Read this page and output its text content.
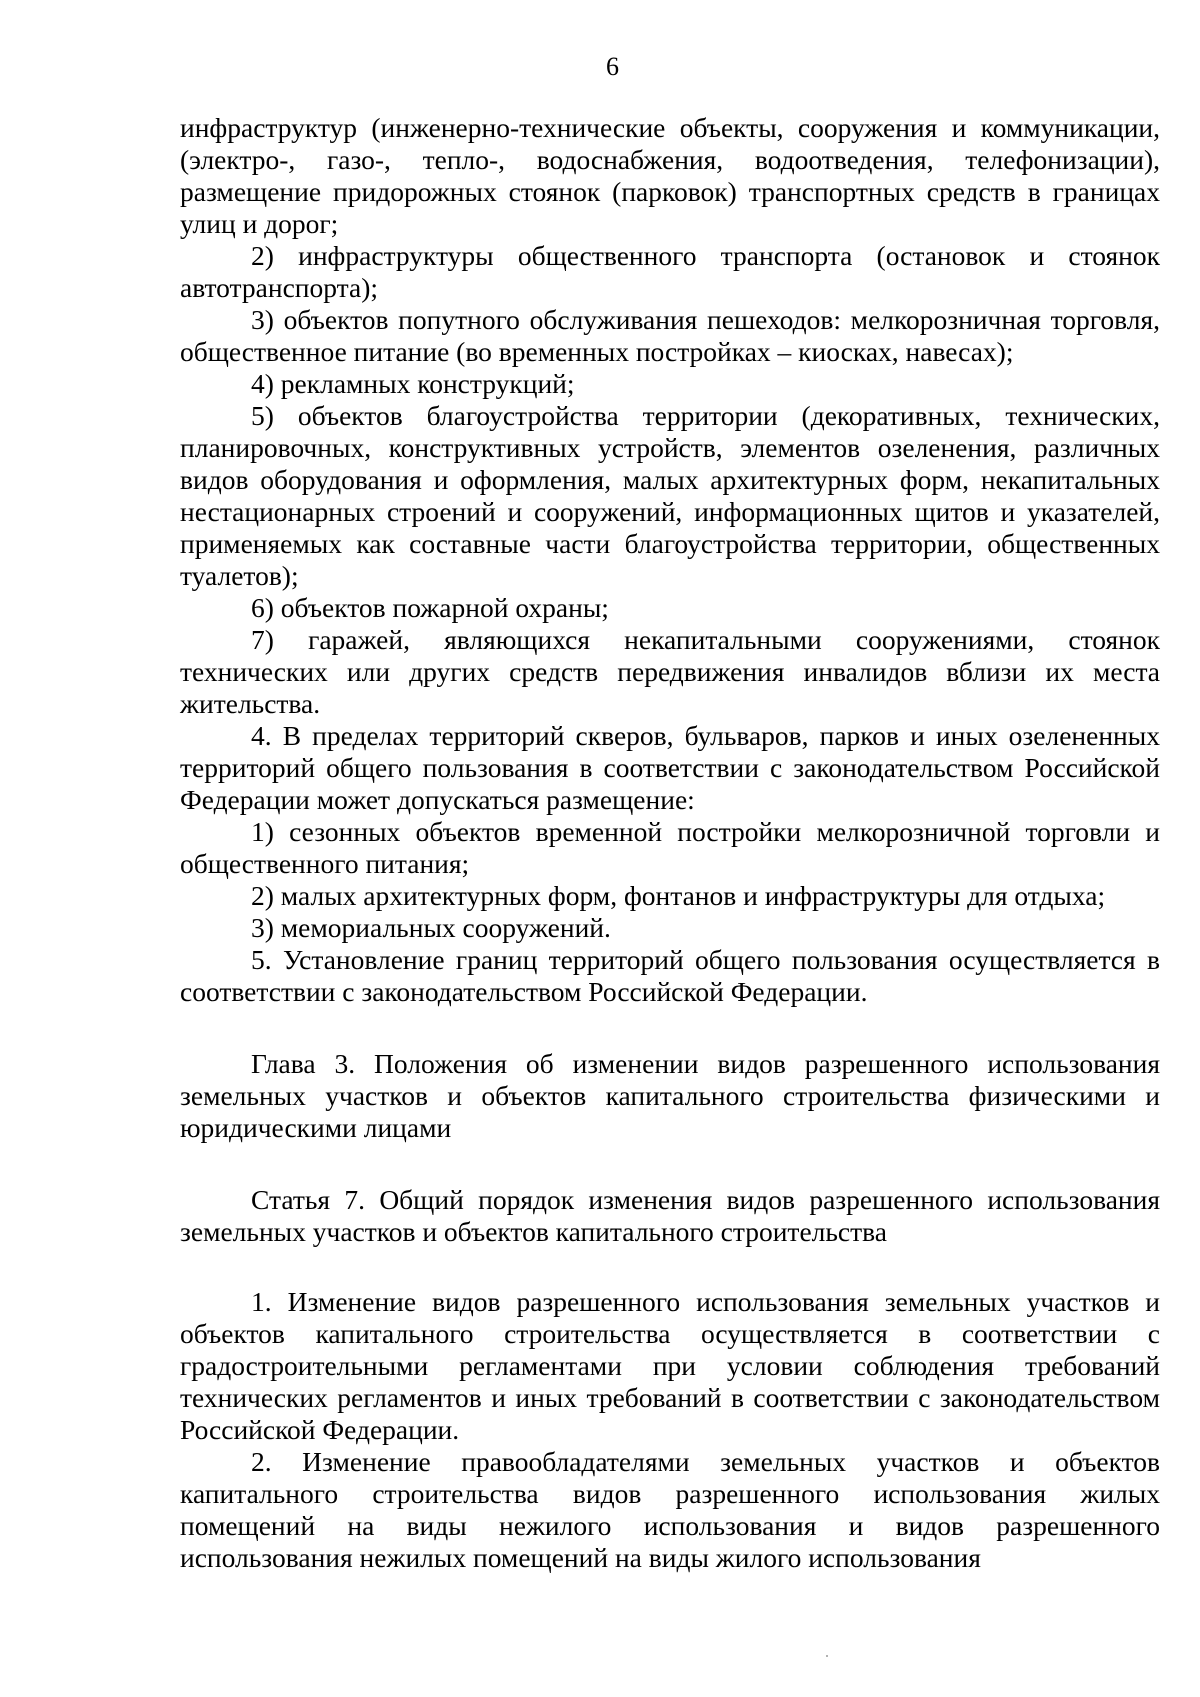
6

инфраструктур (инженерно-технические объекты, сооружения и коммуникации, (электро-, газо-, тепло-, водоснабжения, водоотведения, телефонизации), размещение придорожных стоянок (парковок) транспортных средств в границах улиц и дорог;

2) инфраструктуры общественного транспорта (остановок и стоянок автотранспорта);

3) объектов попутного обслуживания пешеходов: мелкорозничная торговля, общественное питание (во временных постройках – киосках, навесах);

4) рекламных конструкций;

5) объектов благоустройства территории (декоративных, технических, планировочных, конструктивных устройств, элементов озеленения, различных видов оборудования и оформления, малых архитектурных форм, некапитальных нестационарных строений и сооружений, информационных щитов и указателей, применяемых как составные части благоустройства территории, общественных туалетов);

6) объектов пожарной охраны;

7) гаражей, являющихся некапитальными сооружениями, стоянок технических или других средств передвижения инвалидов вблизи их места жительства.

4. В пределах территорий скверов, бульваров, парков и иных озелененных территорий общего пользования в соответствии с законодательством Российской Федерации может допускаться размещение:

1) сезонных объектов временной постройки мелкорозничной торговли и общественного питания;

2) малых архитектурных форм, фонтанов и инфраструктуры для отдыха;

3) мемориальных сооружений.

5. Установление границ территорий общего пользования осуществляется в соответствии с законодательством Российской Федерации.

Глава 3. Положения об изменении видов разрешенного использования земельных участков и объектов капитального строительства физическими и юридическими лицами

Статья 7. Общий порядок изменения видов разрешенного использования земельных участков и объектов капитального строительства

1. Изменение видов разрешенного использования земельных участков и объектов капитального строительства осуществляется в соответствии с градостроительными регламентами при условии соблюдения требований технических регламентов и иных требований в соответствии с законодательством Российской Федерации.

2. Изменение правообладателями земельных участков и объектов капитального строительства видов разрешенного использования жилых помещений на виды нежилого использования и видов разрешенного использования нежилых помещений на виды жилого использования
